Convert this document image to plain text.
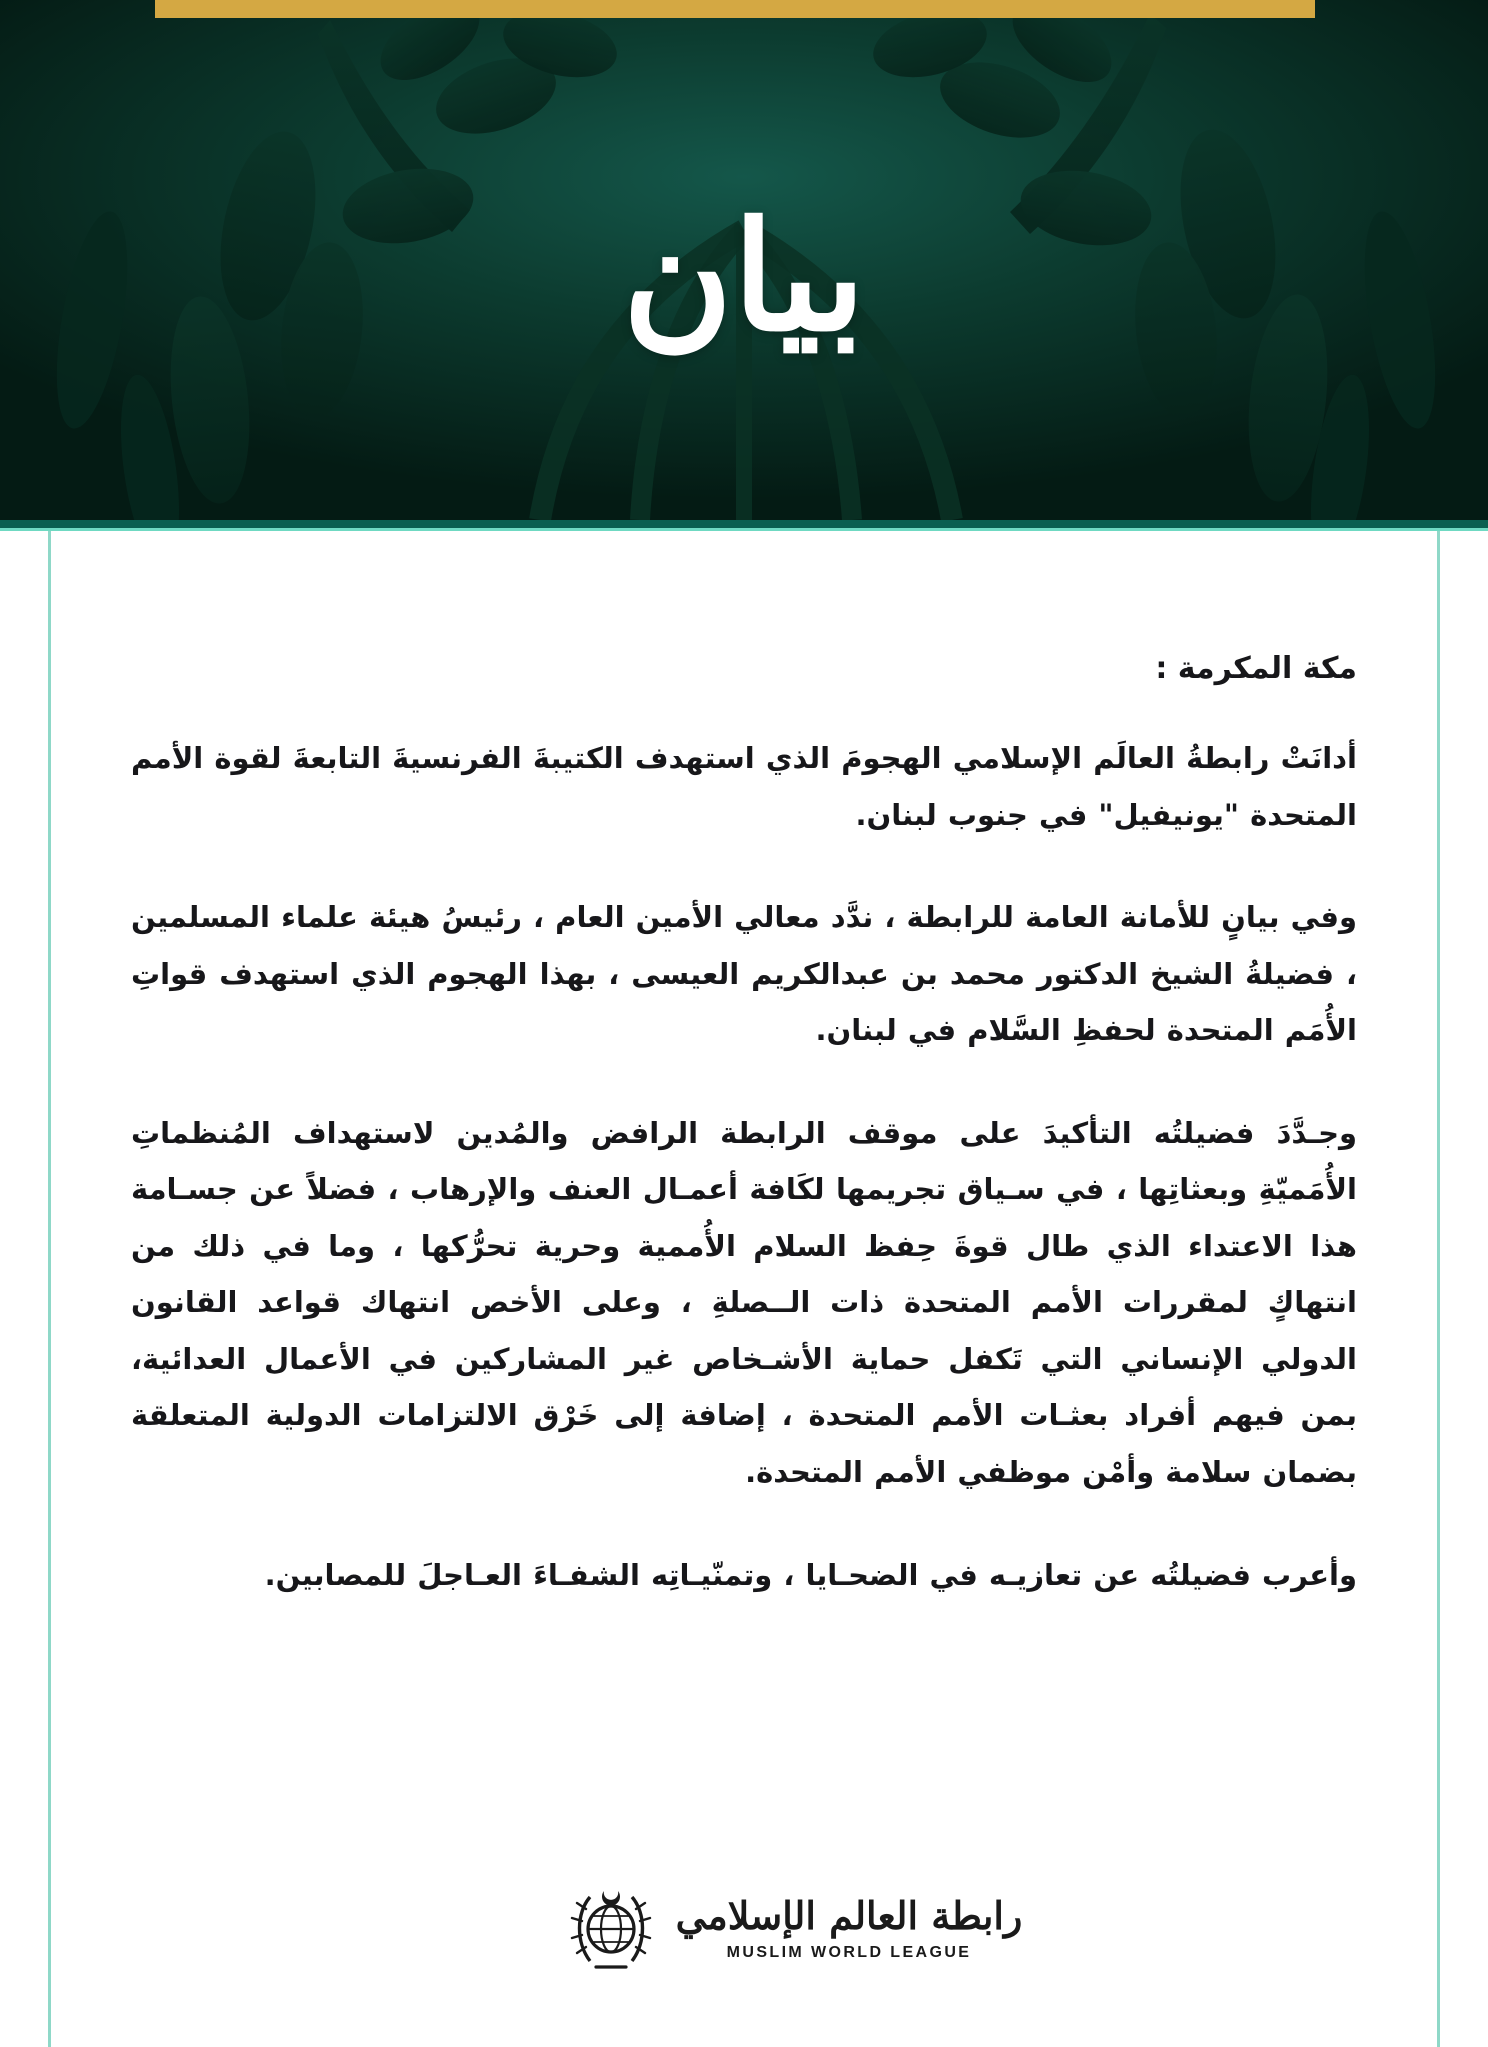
بيان
مكة المكرمة :

أدانَتْ رابطةُ العالَم الإسلامي الهجومَ الذي استهدف الكتيبةَ الفرنسيةَ التابعةَ لقوة الأمم المتحدة "يونيفيل" في جنوب لبنان.

وفي بيانٍ للأمانة العامة للرابطة ، ندَّد معالي الأمين العام ، رئيسُ هيئة علماء المسلمين ، فضيلةُ الشيخ الدكتور محمد بن عبدالكريم العيسى ، بهذا الهجوم الذي استهدف قواتِ الأُمَم المتحدة لحفظِ السَّلام في لبنان.

وجـدَّدَ فضيلتُه التأكيدَ على موقف الرابطة الرافض والمُدين لاستهداف المُنظماتِ الأُمَميّةِ وبعثاتِها ، في سـياق تجريمها لكَافة أعمـال العنف والإرهاب ، فضلاً عن جسـامة هذا الاعتداء الذي طال قوةَ حِفظ السلام الأُممية وحرية تحرُّكها ، وما في ذلك من انتهاكٍ لمقررات الأمم المتحدة ذات الــصلةِ ، وعلى الأخص انتهاك قواعد القانون الدولي الإنساني التي تَكفل حماية الأشـخاص غير المشاركين في الأعمال العدائية، بمن فيهم أفراد بعثـات الأمم المتحدة ، إضافة إلى خَرْق الالتزامات الدولية المتعلقة بضمان سلامة وأمْن موظفي الأمم المتحدة.

وأعرب فضيلتُه عن تعازيـه في الضحـايا ، وتمنّيـاتِه الشفـاءَ العـاجلَ للمصابين.

رابطة العالم الإسلامي
MUSLIM WORLD LEAGUE
